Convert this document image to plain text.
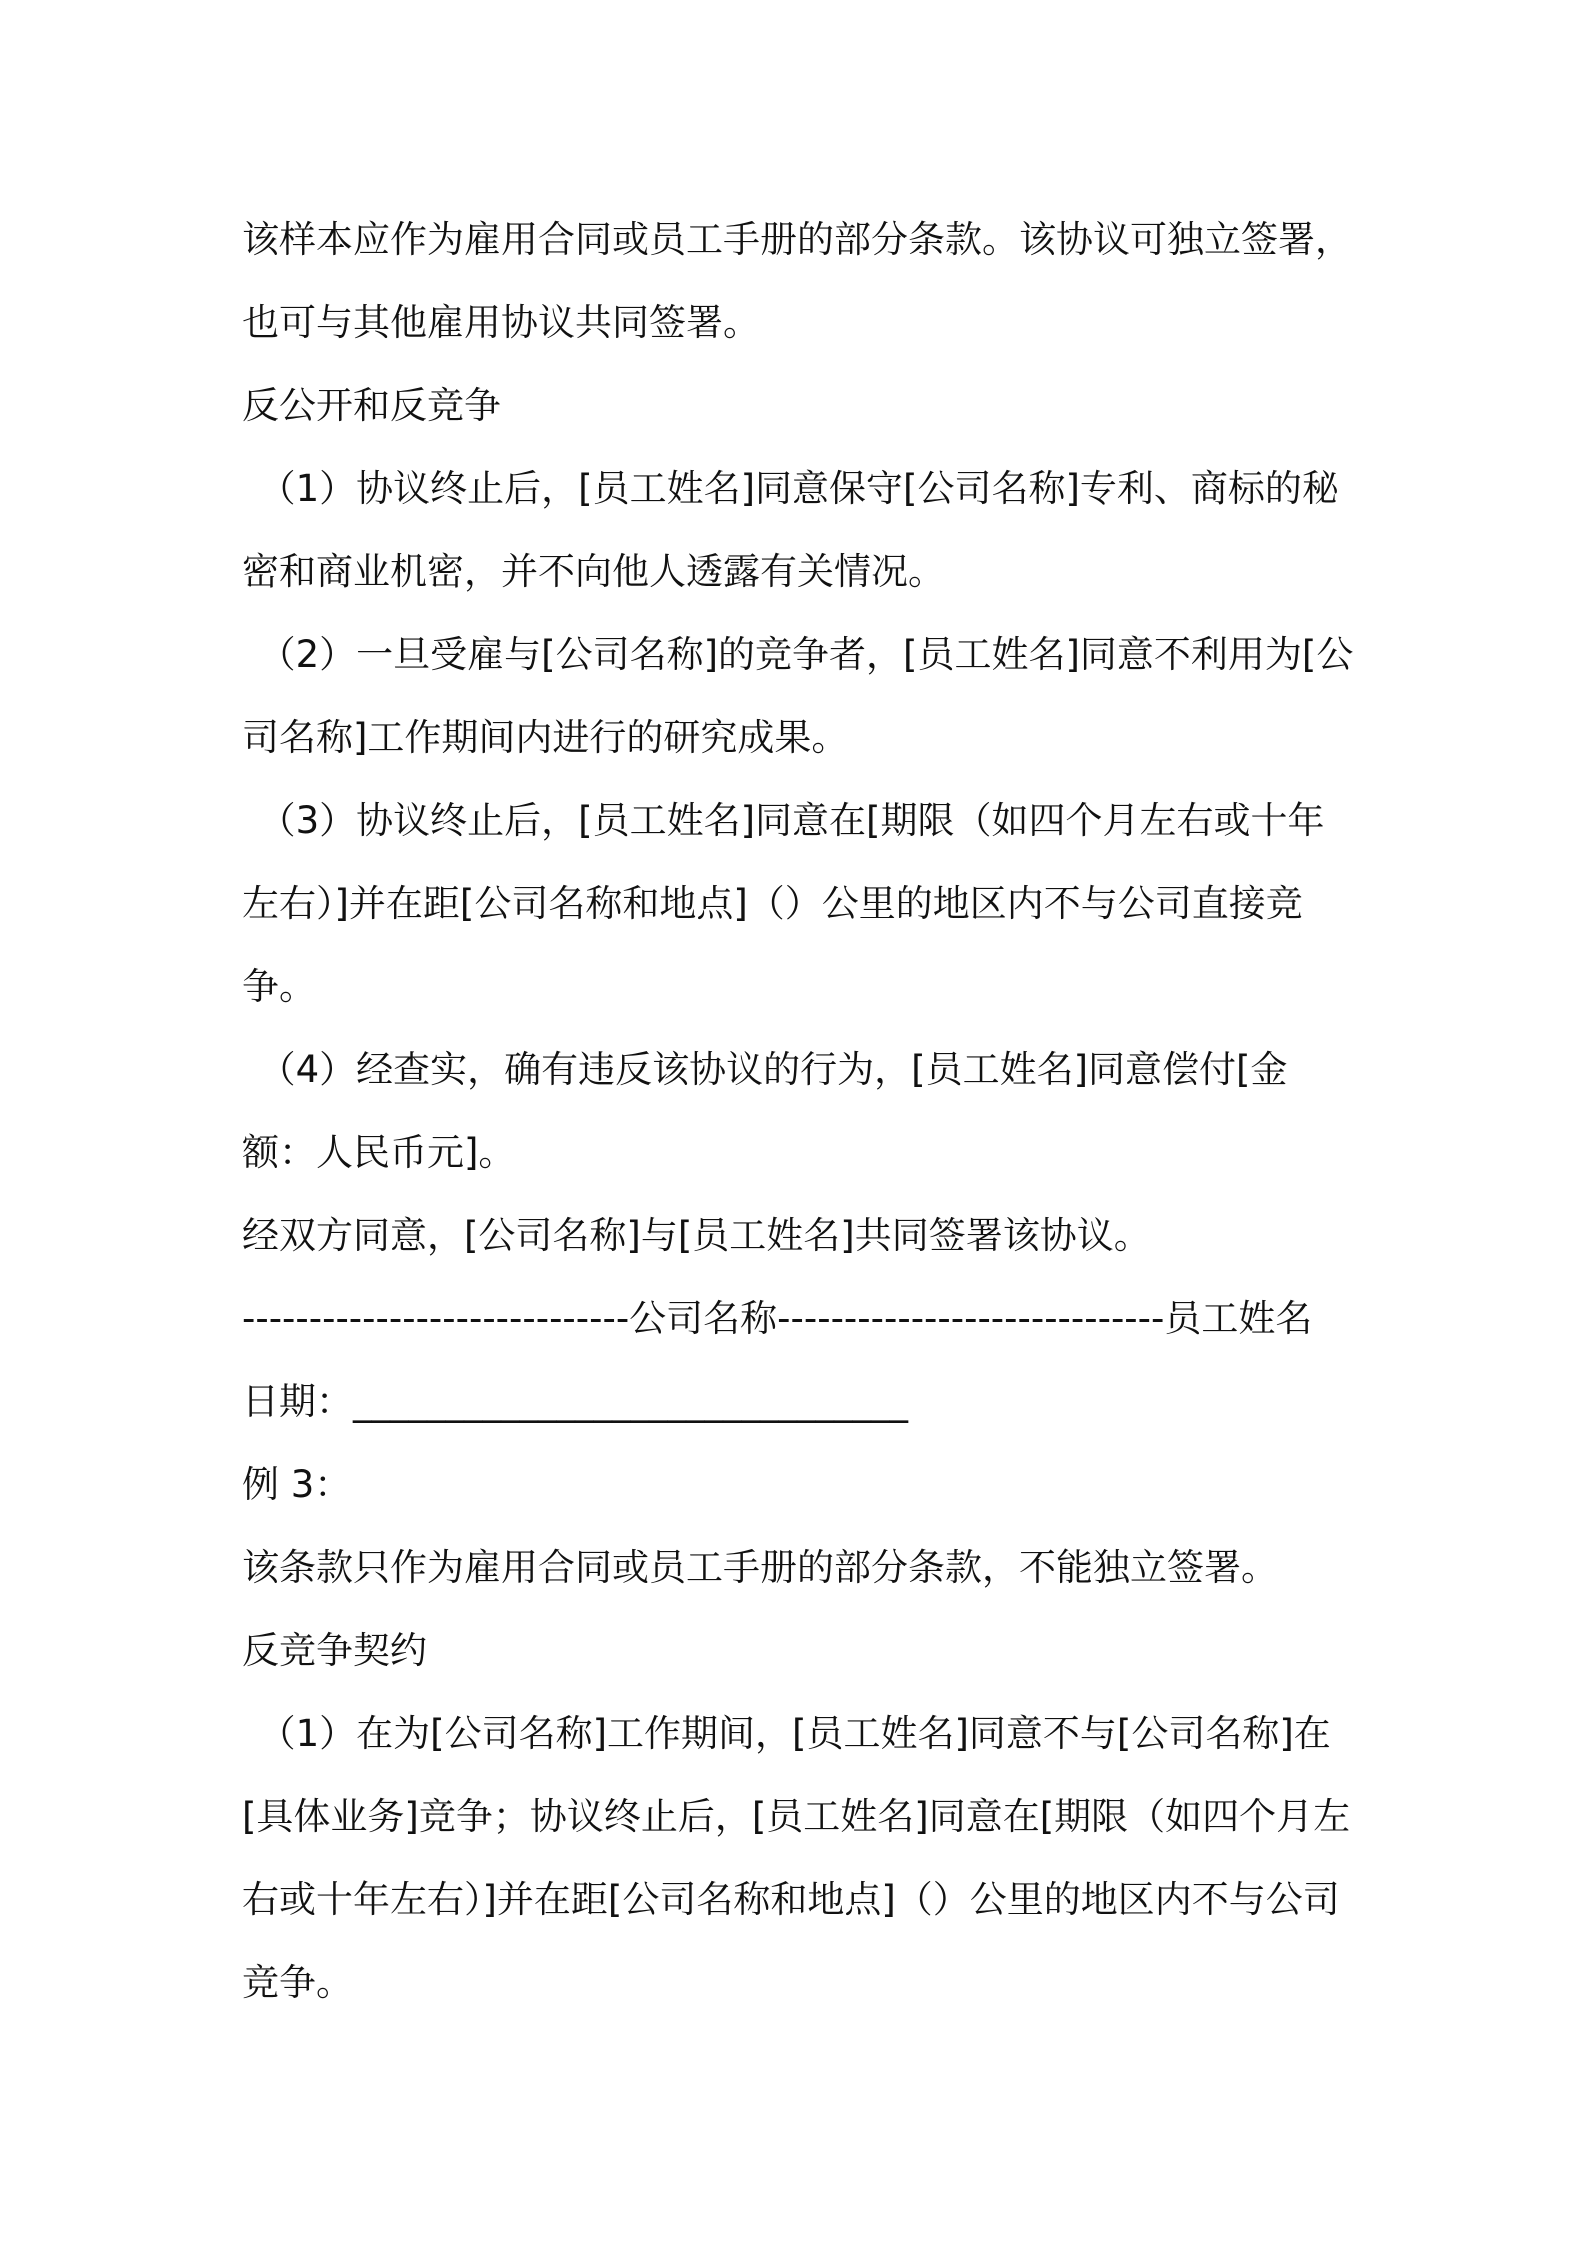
该样本应作为雇用合同或员工手册的部分条款。该协议可独立签署，也可与其他雇用协议共同签署。

反公开和反竞争

（1）协议终止后，[员工姓名]同意保守[公司名称]专利、商标的秘密和商业机密，并不向他人透露有关情况。

（2）一旦受雇与[公司名称]的竞争者，[员工姓名]同意不利用为[公司名称]工作期间内进行的研究成果。

（3）协议终止后，[员工姓名]同意在[期限（如四个月左右或十年左右）]并在距[公司名称和地点]（）公里的地区内不与公司直接竞争。

（4）经查实，确有违反该协议的行为，[员工姓名]同意偿付[金额：人民币元]。

经双方同意，[公司名称]与[员工姓名]共同签署该协议。

-----------------------------公司名称-----------------------------员工姓名

日期：______________________________

例 3：

该条款只作为雇用合同或员工手册的部分条款，不能独立签署。

反竞争契约

（1）在为[公司名称]工作期间，[员工姓名]同意不与[公司名称]在[具体业务]竞争；协议终止后，[员工姓名]同意在[期限（如四个月左右或十年左右）]并在距[公司名称和地点]（）公里的地区内不与公司竞争。
